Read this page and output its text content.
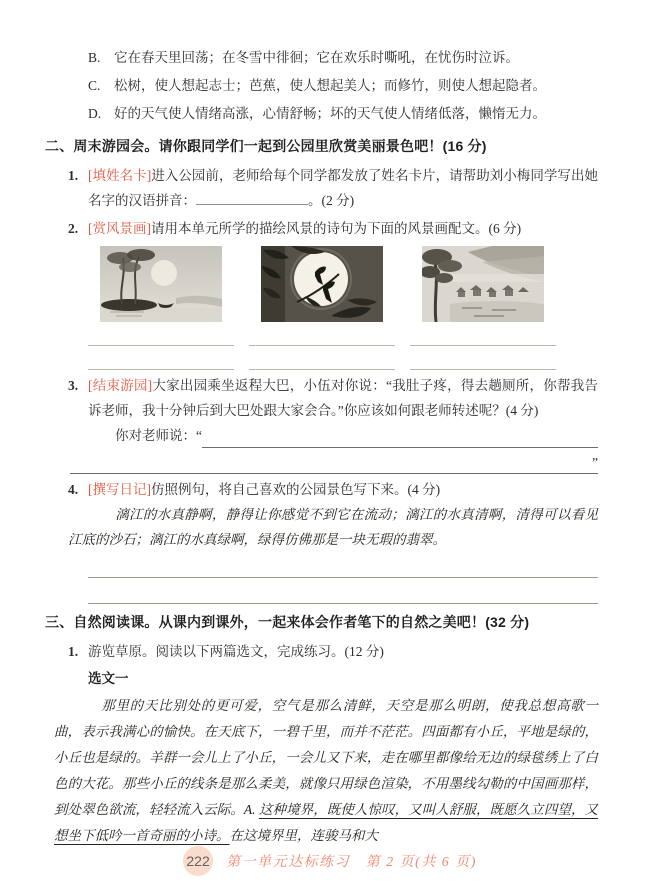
B.	它在春天里回荡；在冬雪中徘徊；它在欢乐时嘶吼，在忧伤时泣诉。
C.	松树，使人想起志士；芭蕉，使人想起美人；而修竹，则使人想起隐者。
D. 好的天气使人情绪高涨，心情舒畅；坏的天气使人情绪低落，懒惰无力。
二、周末游园会。请你跟同学们一起到公园里欣赏美丽景色吧！(16 分)
1. [填姓名卡]进入公园前，老师给每个同学都发放了姓名卡片，请帮助刘小梅同学写出她名字的汉语拼音：	。(2 分)
2. [赏风景画]请用本单元所学的描绘风景的诗句为下面的风景画配文。(6 分)
3. [结束游园]大家出园乘坐返程大巴，小伍对你说：“我肚子疼，得去趟厕所，你帮我告诉老师，我十分钟后到大巴处跟大家会合。”你应该如何跟老师转述呢？(4 分)
你对老师说：“
”
4. [撰写日记]仿照例句，将自己喜欢的公园景色写下来。(4 分)
漓江的水真静啊，静得让你感觉不到它在流动；漓江的水真清啊，清得可以看见江底的沙石；漓江的水真绿啊，绿得仿佛那是一块无瑕的翡翠。
三、自然阅读课。从课内到课外，一起来体会作者笔下的自然之美吧！(32 分)
1. 游览草原。阅读以下两篇选文，完成练习。(12 分)
选文一
那里的天比别处的更可爱，空气是那么清鲜，天空是那么明朗，使我总想高歌一曲，表示我满心的愉快。在天底下，一碧千里，而并不茫茫。四面都有小丘，平地是绿的，小丘也是绿的。羊群一会儿上了小丘，一会儿又下来，走在哪里都像给无边的绿毯绣上了白色的大花。那些小丘的线条是那么柔美，就像只用绿色渲染，不用墨线勾勒的中国画那样，到处翠色欲流，轻轻流入云际。A. 这种境界，既使人惊叹，又叫人舒服，既愿久立四望，又想坐下低吟一首奇丽的小诗。在这境界里，连骏马和大
222 第一单元达标练习　第 2 页(共 6 页)
